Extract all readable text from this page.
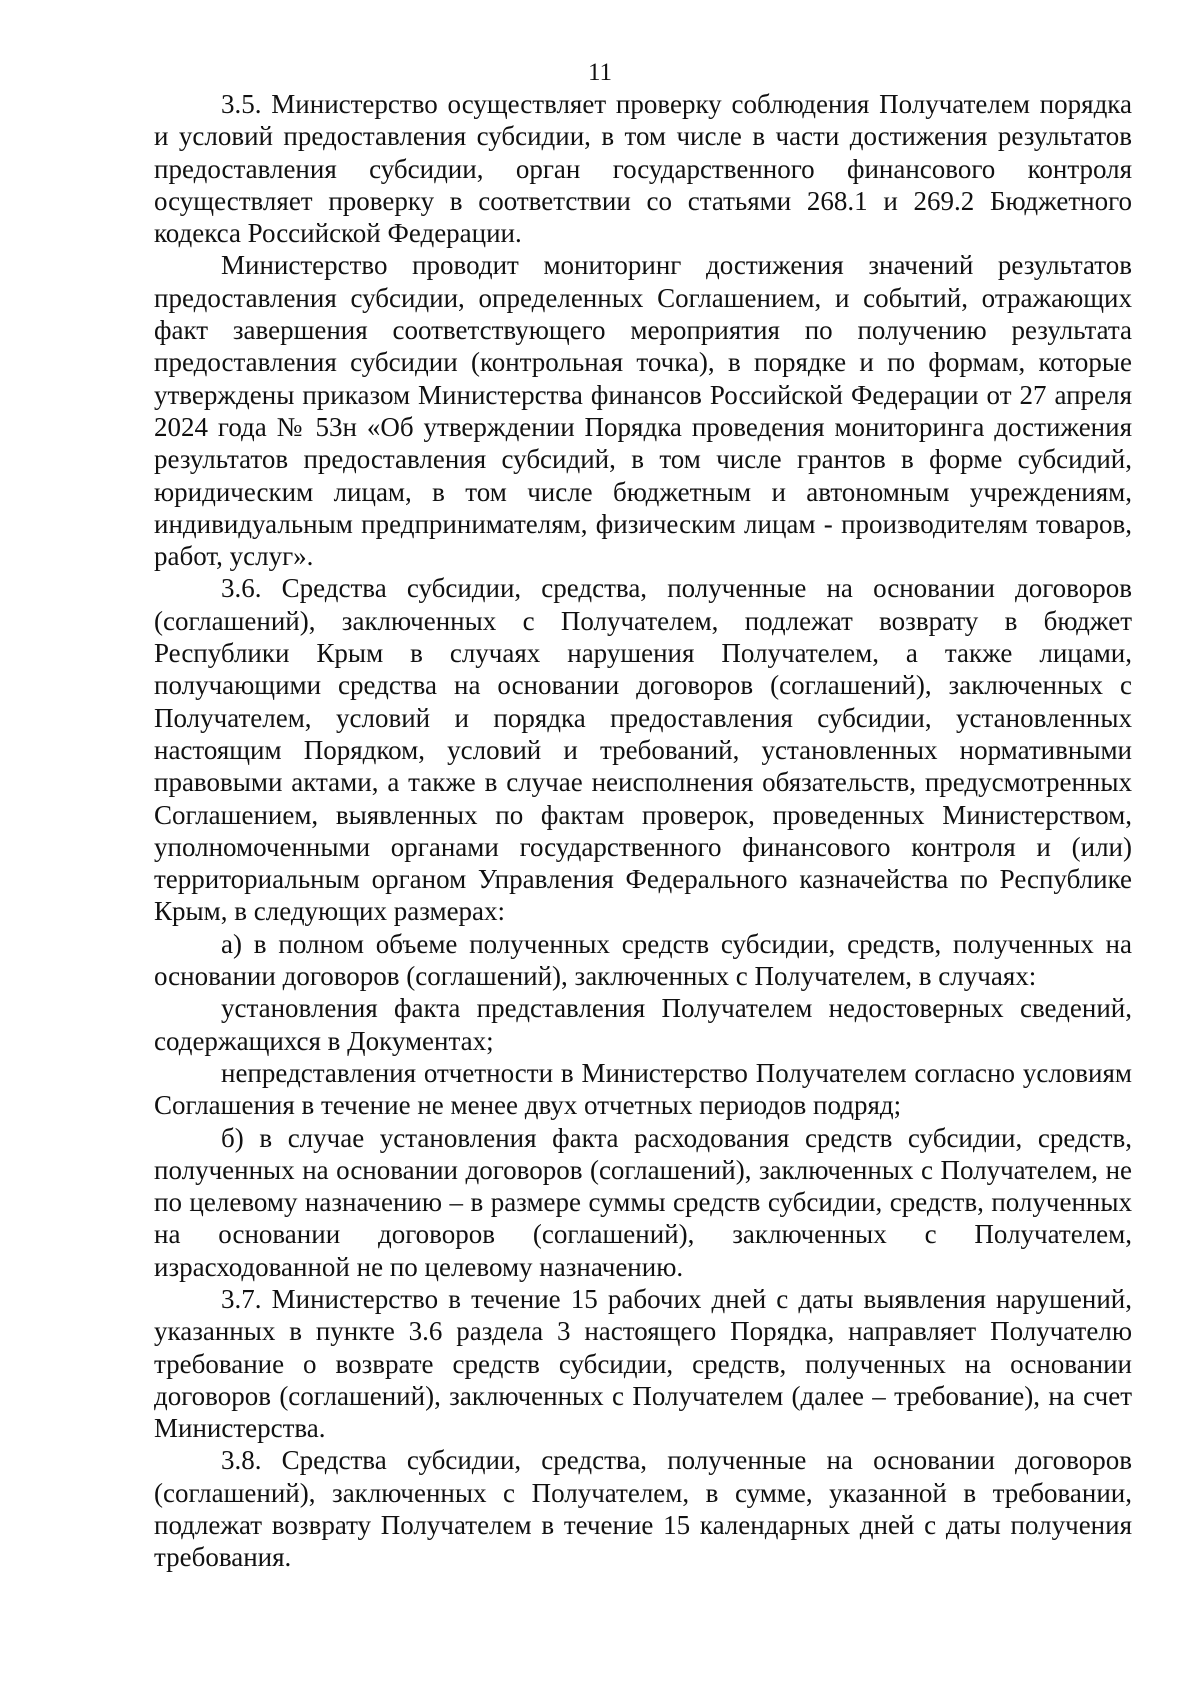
11

3.5. Министерство осуществляет проверку соблюдения Получателем порядка и условий предоставления субсидии, в том числе в части достижения результатов предоставления субсидии, орган государственного финансового контроля осуществляет проверку в соответствии со статьями 268.1 и 269.2 Бюджетного кодекса Российской Федерации.

Министерство проводит мониторинг достижения значений результатов предоставления субсидии, определенных Соглашением, и событий, отражающих факт завершения соответствующего мероприятия по получению результата предоставления субсидии (контрольная точка), в порядке и по формам, которые утверждены приказом Министерства финансов Российской Федерации от 27 апреля 2024 года № 53н «Об утверждении Порядка проведения мониторинга достижения результатов предоставления субсидий, в том числе грантов в форме субсидий, юридическим лицам, в том числе бюджетным и автономным учреждениям, индивидуальным предпринимателям, физическим лицам - производителям товаров, работ, услуг».

3.6. Средства субсидии, средства, полученные на основании договоров (соглашений), заключенных с Получателем, подлежат возврату в бюджет Республики Крым в случаях нарушения Получателем, а также лицами, получающими средства на основании договоров (соглашений), заключенных с Получателем, условий и порядка предоставления субсидии, установленных настоящим Порядком, условий и требований, установленных нормативными правовыми актами, а также в случае неисполнения обязательств, предусмотренных Соглашением, выявленных по фактам проверок, проведенных Министерством, уполномоченными органами государственного финансового контроля и (или) территориальным органом Управления Федерального казначейства по Республике Крым, в следующих размерах:

а) в полном объеме полученных средств субсидии, средств, полученных на основании договоров (соглашений), заключенных с Получателем, в случаях:

установления факта представления Получателем недостоверных сведений, содержащихся в Документах;

непредставления отчетности в Министерство Получателем согласно условиям Соглашения в течение не менее двух отчетных периодов подряд;

б) в случае установления факта расходования средств субсидии, средств, полученных на основании договоров (соглашений), заключенных с Получателем, не по целевому назначению – в размере суммы средств субсидии, средств, полученных на основании договоров (соглашений), заключенных с Получателем, израсходованной не по целевому назначению.

3.7. Министерство в течение 15 рабочих дней с даты выявления нарушений, указанных в пункте 3.6 раздела 3 настоящего Порядка, направляет Получателю требование о возврате средств субсидии, средств, полученных на основании договоров (соглашений), заключенных с Получателем (далее – требование), на счет Министерства.

3.8. Средства субсидии, средства, полученные на основании договоров (соглашений), заключенных с Получателем, в сумме, указанной в требовании, подлежат возврату Получателем в течение 15 календарных дней с даты получения требования.
